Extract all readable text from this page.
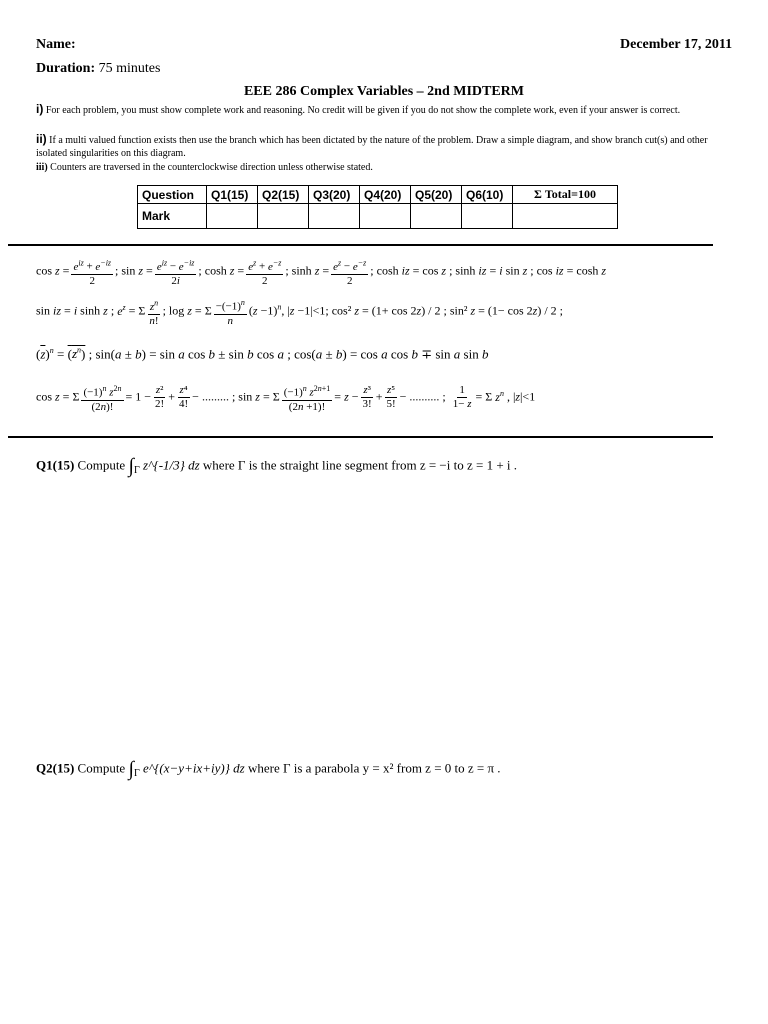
Name:	December 17, 2011
Duration: 75 minutes
EEE 286 Complex Variables – 2nd MIDTERM
i) For each problem, you must show complete work and reasoning. No credit will be given if you do not show the complete work, even if your answer is correct.
ii) If a multi valued function exists then use the branch which has been dictated by the nature of the problem. Draw a simple diagram, and show branch cut(s) and other isolated singularities on this diagram.
iii) Counters are traversed in the counterclockwise direction unless otherwise stated.
Question	Q1(15)	Q2(15)	Q3(20)	Q4(20)	Q5(20)	Q6(10)	Σ Total=100
Mark							
$\cos z = \frac{e^{iz} + e^{-iz}}{2}$ ; $\sin z = \frac{e^{iz} - e^{-iz}}{2i}$ ; $\cosh z = \frac{e^z + e^{-z}}{2}$ ; $\sinh z = \frac{e^z - e^{-z}}{2}$ ; cosh iz = cos z ; sinh iz = i sin z ; cos iz = cosh z
sin iz = i sinh z ; $e^z = \Sigma \frac{z^n}{n!}$ ; log z = Σ $\frac{-(-1)^n}{n} (z -1)^n$, |z −1|<1; cos² z = (1+ cos 2z) / 2 ; sin² z = (1− cos 2z) / 2 ;
$(\overline{z})^n = (z^n)$ ; sin(a ± b) = sin a cos b ± sin b cos a ; cos(a ± b) = cos a cos b ∓ sin a sin b
cos z = Σ $\frac{(-1)^n z^{2n}}{(2n)!} = 1 - \frac{\text{z²}}{2!} + \frac{\text{z⁴}}{4!}$ − ......... ; sin z = Σ $\frac{(-1)^n z^{2n+1}}{(2n +1)!} = z - \frac{\text{z³}}{3!} + \frac{\text{z⁵}}{5!}$ − .......... ; $\frac{1}{1- z} = \Sigma$ $z^n$ , |z|<1
Q1(15) Compute $\int_\Gamma$ z^{-1/3} dz where Γ is the straight line segment from z = −i to z = 1 + i .
Q2(15) Compute $\int_\Gamma$ e^{(x−y+ix+iy)} dz where Γ is a parabola y = x² from z = 0 to z = π .
